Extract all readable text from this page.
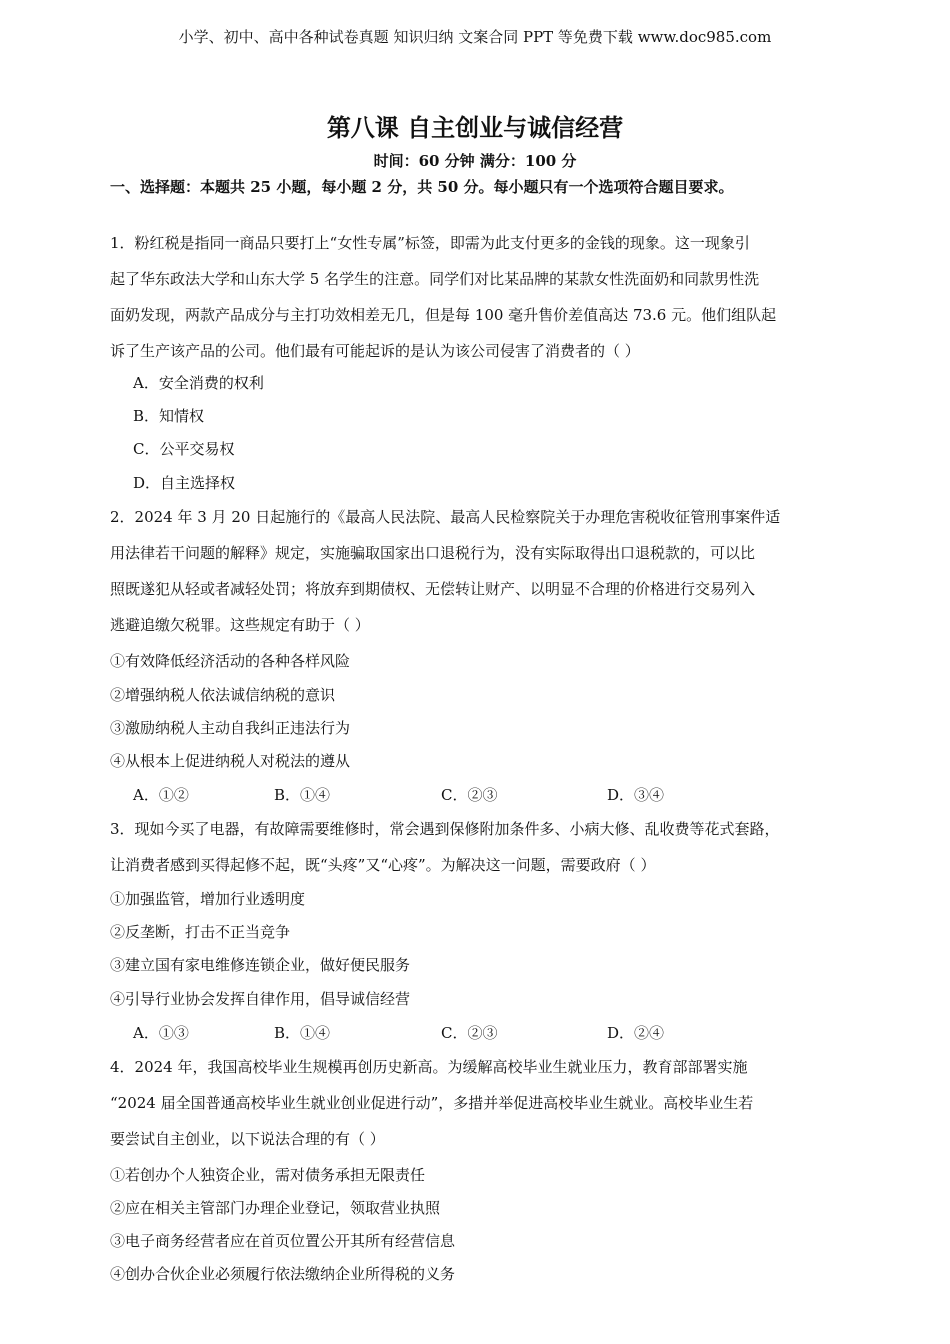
小学、初中、高中各种试卷真题 知识归纳 文案合同 PPT 等免费下载 www.doc985.com
第八课 自主创业与诚信经营
时间：60 分钟 满分：100 分
一、选择题：本题共 25 小题，每小题 2 分，共 50 分。每小题只有一个选项符合题目要求。
1．粉红税是指同一商品只要打上“女性专属”标签，即需为此支付更多的金钱的现象。这一现象引
起了华东政法大学和山东大学 5 名学生的注意。同学们对比某品牌的某款女性洗面奶和同款男性洗
面奶发现，两款产品成分与主打功效相差无几，但是每 100 毫升售价差值高达 73.6 元。他们组队起
诉了生产该产品的公司。他们最有可能起诉的是认为该公司侵害了消费者的（ ）
A．安全消费的权利
B．知情权
C．公平交易权
D．自主选择权
2．2024 年 3 月 20 日起施行的《最高人民法院、最高人民检察院关于办理危害税收征管刑事案件适
用法律若干问题的解释》规定，实施骗取国家出口退税行为，没有实际取得出口退税款的，可以比
照既遂犯从轻或者减轻处罚；将放弃到期债权、无偿转让财产、以明显不合理的价格进行交易列入
逃避追缴欠税罪。这些规定有助于（ ）
①有效降低经济活动的各种各样风险
②增强纳税人依法诚信纳税的意识
③激励纳税人主动自我纠正违法行为
④从根本上促进纳税人对税法的遵从
A．①②	B．①④	C．②③	D．③④
3．现如今买了电器，有故障需要维修时，常会遇到保修附加条件多、小病大修、乱收费等花式套路，
让消费者感到买得起修不起，既“头疼”又“心疼”。为解决这一问题，需要政府（ ）
①加强监管，增加行业透明度
②反垄断，打击不正当竞争
③建立国有家电维修连锁企业，做好便民服务
④引导行业协会发挥自律作用，倡导诚信经营
A．①③	B．①④	C．②③	D．②④
4．2024 年，我国高校毕业生规模再创历史新高。为缓解高校毕业生就业压力，教育部部署实施
“2024 届全国普通高校毕业生就业创业促进行动”，多措并举促进高校毕业生就业。高校毕业生若
要尝试自主创业，以下说法合理的有（ ）
①若创办个人独资企业，需对债务承担无限责任
②应在相关主管部门办理企业登记，领取营业执照
③电子商务经营者应在首页位置公开其所有经营信息
④创办合伙企业必须履行依法缴纳企业所得税的义务
